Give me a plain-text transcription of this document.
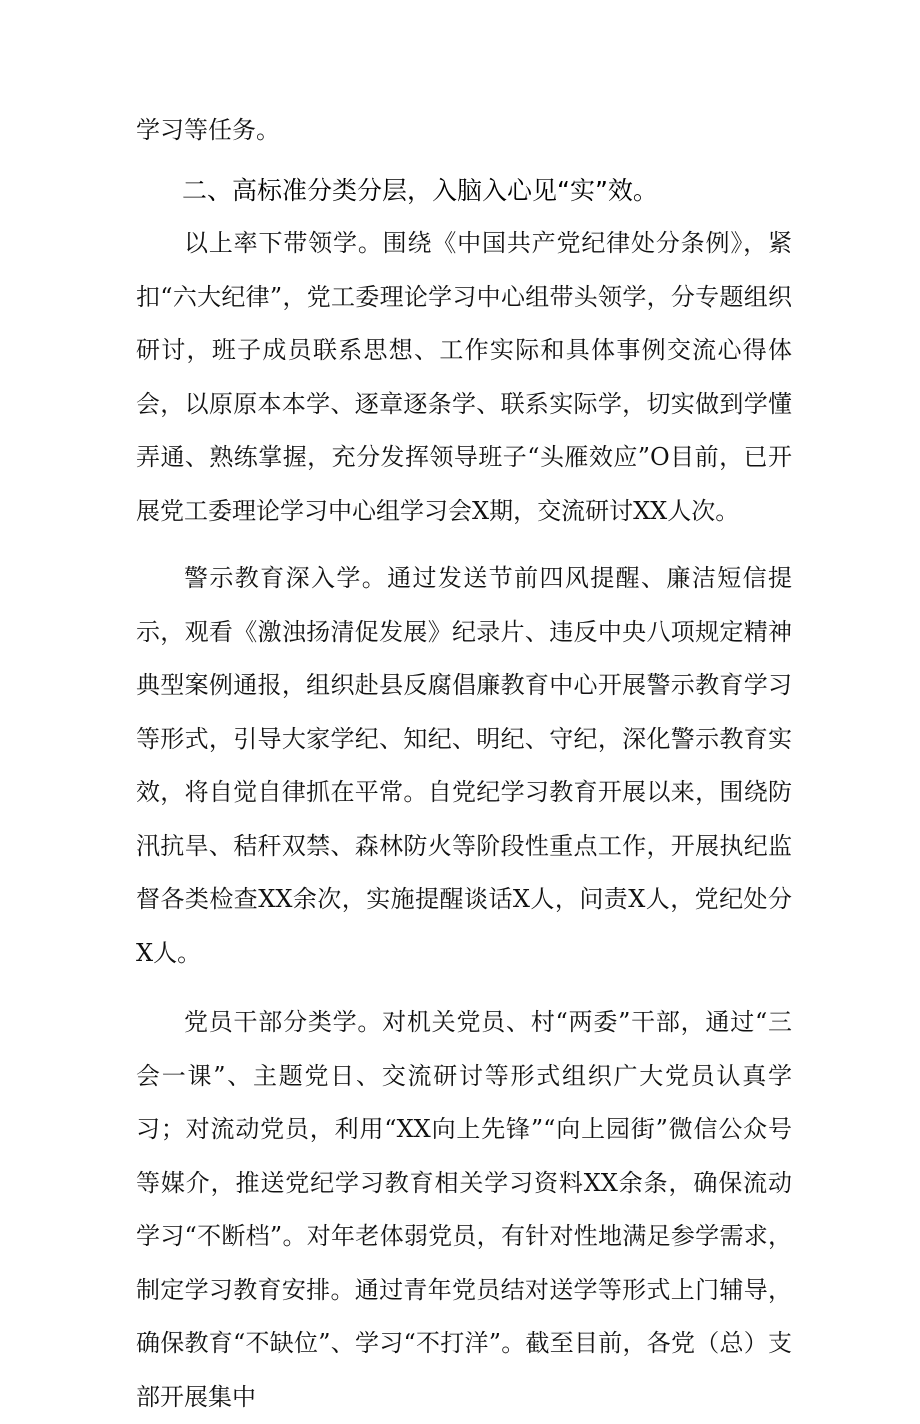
学习等任务。

二、高标准分类分层，入脑入心见“实”效。

以上率下带领学。围绕《中国共产党纪律处分条例》，紧扣“六大纪律”，党工委理论学习中心组带头领学，分专题组织研讨，班子成员联系思想、工作实际和具体事例交流心得体会，以原原本本学、逐章逐条学、联系实际学，切实做到学懂弄通、熟练掌握，充分发挥领导班子“头雁效应”O目前，已开展党工委理论学习中心组学习会X期，交流研讨XX人次。

警示教育深入学。通过发送节前四风提醒、廉洁短信提示，观看《激浊扬清促发展》纪录片、违反中央八项规定精神典型案例通报，组织赴县反腐倡廉教育中心开展警示教育学习等形式，引导大家学纪、知纪、明纪、守纪，深化警示教育实效，将自觉自律抓在平常。自党纪学习教育开展以来，围绕防汛抗旱、秸秆双禁、森林防火等阶段性重点工作，开展执纪监督各类检查XX余次，实施提醒谈话X人，问责X人，党纪处分X人。

党员干部分类学。对机关党员、村“两委”干部，通过“三会一课”、主题党日、交流研讨等形式组织广大党员认真学习；对流动党员，利用“XX向上先锋”“向上园街”微信公众号等媒介，推送党纪学习教育相关学习资料XX余条，确保流动学习“不断档”。对年老体弱党员，有针对性地满足参学需求，制定学习教育安排。通过青年党员结对送学等形式上门辅导，确保教育“不缺位”、学习“不打洋”。截至目前，各党（总）支部开展集中
